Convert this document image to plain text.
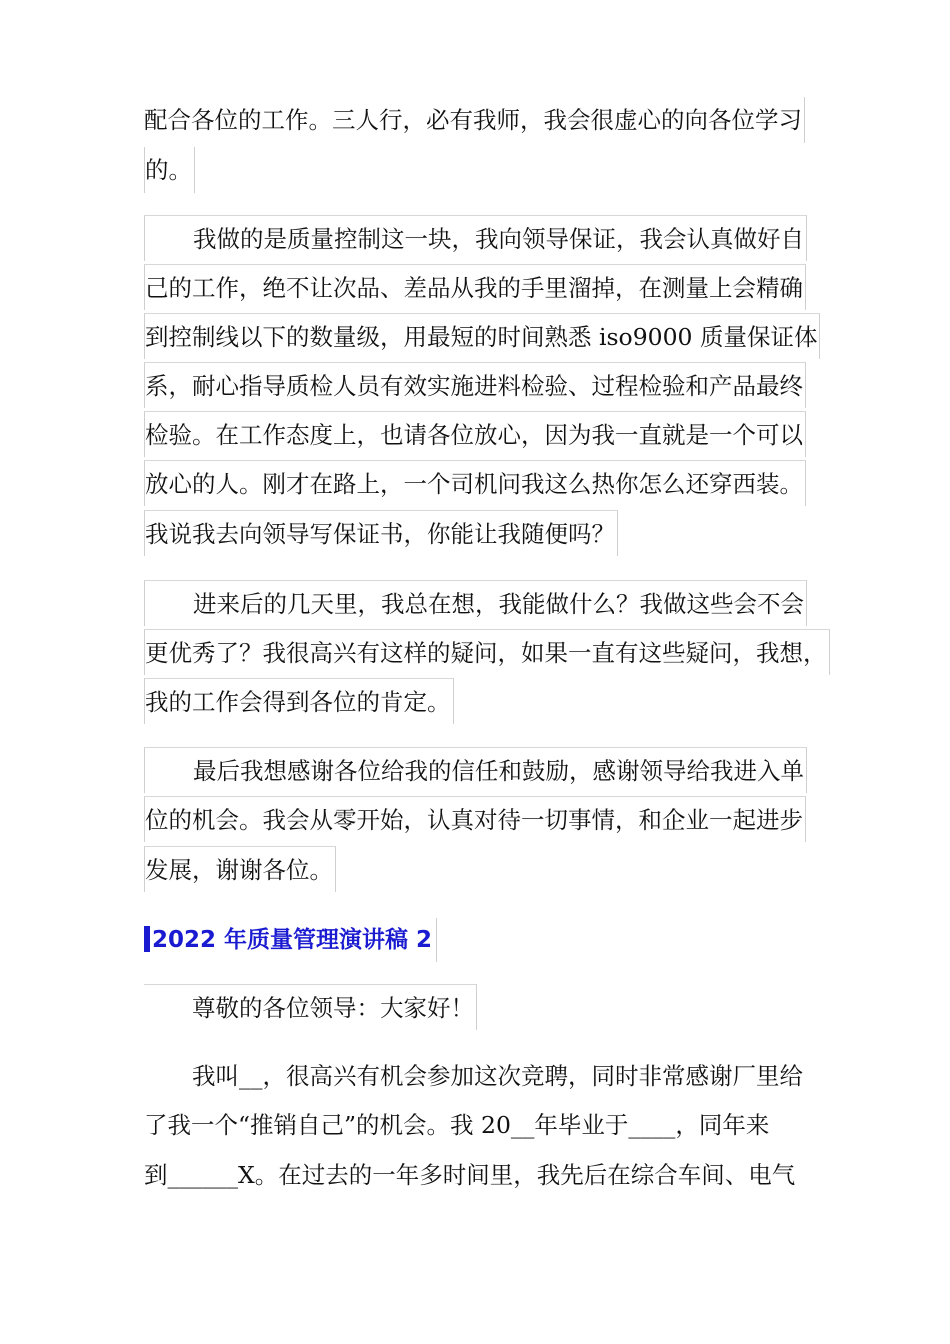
配合各位的工作。三人行，必有我师，我会很虚心的向各位学习
的。
我做的是质量控制这一块，我向领导保证，我会认真做好自
己的工作，绝不让次品、差品从我的手里溜掉，在测量上会精确
到控制线以下的数量级，用最短的时间熟悉 iso9000 质量保证体
系，耐心指导质检人员有效实施进料检验、过程检验和产品最终
检验。在工作态度上，也请各位放心，因为我一直就是一个可以
放心的人。刚才在路上，一个司机问我这么热你怎么还穿西装。
我说我去向领导写保证书，你能让我随便吗？
进来后的几天里，我总在想，我能做什么？我做这些会不会
更优秀了？我很高兴有这样的疑问，如果一直有这些疑问，我想，
我的工作会得到各位的肯定。
最后我想感谢各位给我的信任和鼓励，感谢领导给我进入单
位的机会。我会从零开始，认真对待一切事情，和企业一起进步
发展，谢谢各位。
2022 年质量管理演讲稿 2
尊敬的各位领导：大家好！
我叫__，很高兴有机会参加这次竞聘，同时非常感谢厂里给
了我一个“推销自己”的机会。我 20__年毕业于____，同年来
到______X。在过去的一年多时间里，我先后在综合车间、电气
